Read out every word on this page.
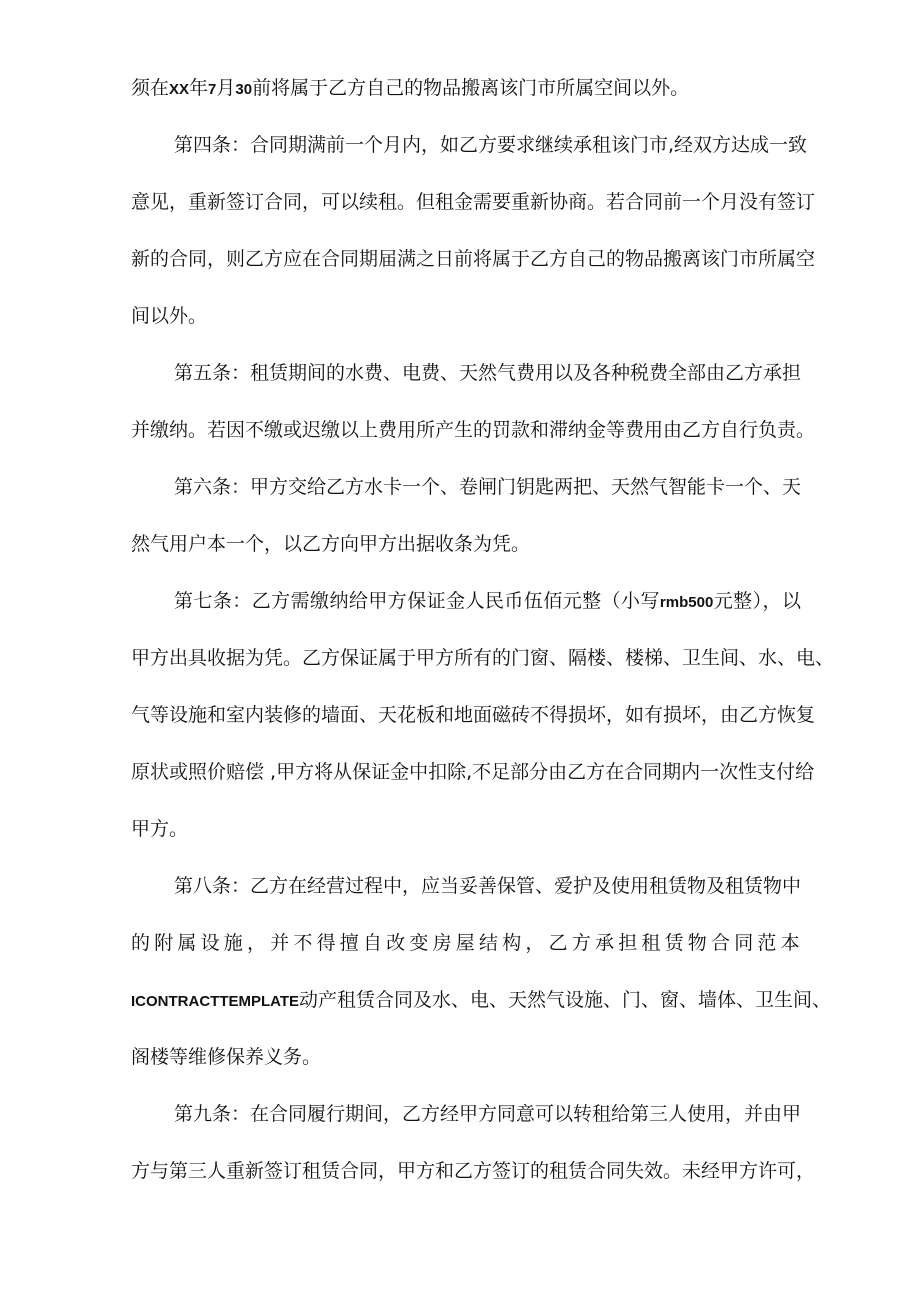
须在XX年7月30前将属于乙方自己的物品搬离该门市所属空间以外。

第四条：合同期满前一个月内，如乙方要求继续承租该门市,经双方达成一致

意见，重新签订合同，可以续租。但租金需要重新协商。若合同前一个月没有签订

新的合同，则乙方应在合同期届满之日前将属于乙方自己的物品搬离该门市所属空

间以外。

第五条：租赁期间的水费、电费、天然气费用以及各种税费全部由乙方承担

并缴纳。若因不缴或迟缴以上费用所产生的罚款和滞纳金等费用由乙方自行负责。

第六条：甲方交给乙方水卡一个、卷闸门钥匙两把、天然气智能卡一个、天

然气用户本一个，以乙方向甲方出据收条为凭。

第七条：乙方需缴纳给甲方保证金人民币伍佰元整（小写rmb500元整），以

甲方出具收据为凭。乙方保证属于甲方所有的门窗、隔楼、楼梯、卫生间、水、电、

气等设施和室内装修的墙面、天花板和地面磁砖不得损坏，如有损坏，由乙方恢复

原状或照价赔偿 ,甲方将从保证金中扣除,不足部分由乙方在合同期内一次性支付给

甲方。

第八条：乙方在经营过程中，应当妥善保管、爱护及使用租赁物及租赁物中

的附属设施，并不得擅自改变房屋结构，乙方承担租赁物合同范本

ICONTRACTTEMPLATE动产租赁合同及水、电、天然气设施、门、窗、墙体、卫生间、

阁楼等维修保养义务。

第九条：在合同履行期间，乙方经甲方同意可以转租给第三人使用，并由甲

方与第三人重新签订租赁合同，甲方和乙方签订的租赁合同失效。未经甲方许可，
